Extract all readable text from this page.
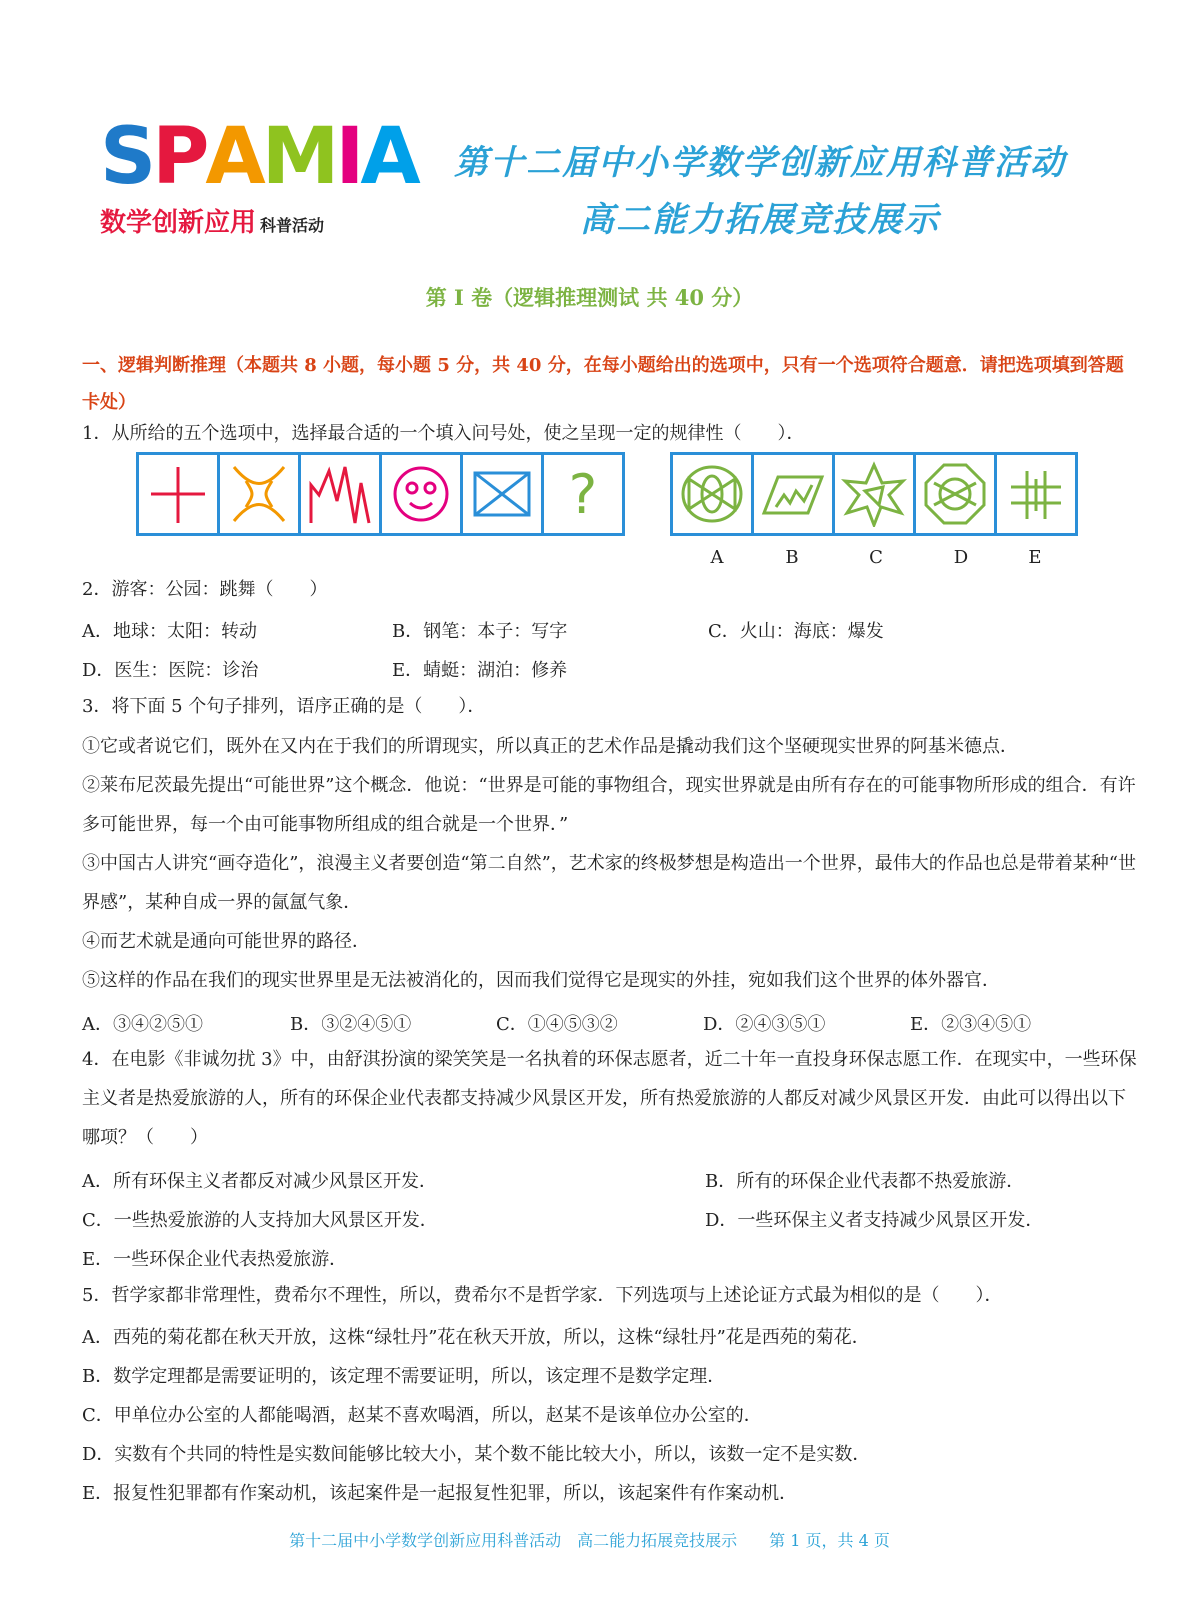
SPAMIA
数学创新应用 科普活动
第十二届中小学数学创新应用科普活动
高二能力拓展竞技展示
第 I 卷（逻辑推理测试 共 40 分）
一、逻辑判断推理（本题共 8 小题，每小题 5 分，共 40 分，在每小题给出的选项中，只有一个选项符合题意．请把选项填到答题卡处）
1．从所给的五个选项中，选择最合适的一个填入问号处，使之呈现一定的规律性（　　）．
?
A	B	C	D	E
2．游客：公园：跳舞（　　）
A．地球：太阳：转动	B．钢笔：本子：写字	C．火山：海底：爆发
D．医生：医院：诊治	E．蜻蜓：湖泊：修养
3．将下面 5 个句子排列，语序正确的是（　　）．
①它或者说它们，既外在又内在于我们的所谓现实，所以真正的艺术作品是撬动我们这个坚硬现实世界的阿基米德点．
②莱布尼茨最先提出“可能世界”这个概念．他说：“世界是可能的事物组合，现实世界就是由所有存在的可能事物所形成的组合．有许多可能世界，每一个由可能事物所组成的组合就是一个世界．”
③中国古人讲究“画夺造化”，浪漫主义者要创造“第二自然”，艺术家的终极梦想是构造出一个世界，最伟大的作品也总是带着某种“世界感”，某种自成一界的氤氲气象．
④而艺术就是通向可能世界的路径．
⑤这样的作品在我们的现实世界里是无法被消化的，因而我们觉得它是现实的外挂，宛如我们这个世界的体外器官．
A．③④②⑤①	B．③②④⑤①	C．①④⑤③②	D．②④③⑤①	E．②③④⑤①
4．在电影《非诚勿扰 3》中，由舒淇扮演的梁笑笑是一名执着的环保志愿者，近二十年一直投身环保志愿工作．在现实中，一些环保主义者是热爱旅游的人，所有的环保企业代表都支持减少风景区开发，所有热爱旅游的人都反对减少风景区开发．由此可以得出以下哪项？（　　）
A．所有环保主义者都反对减少风景区开发．	B．所有的环保企业代表都不热爱旅游．
C．一些热爱旅游的人支持加大风景区开发．	D．一些环保主义者支持减少风景区开发．
E．一些环保企业代表热爱旅游．
5．哲学家都非常理性，费希尔不理性，所以，费希尔不是哲学家．下列选项与上述论证方式最为相似的是（　　）．
A．西苑的菊花都在秋天开放，这株“绿牡丹”花在秋天开放，所以，这株“绿牡丹”花是西苑的菊花．
B．数学定理都是需要证明的，该定理不需要证明，所以，该定理不是数学定理．
C．甲单位办公室的人都能喝酒，赵某不喜欢喝酒，所以，赵某不是该单位办公室的．
D．实数有个共同的特性是实数间能够比较大小，某个数不能比较大小，所以，该数一定不是实数．
E．报复性犯罪都有作案动机，该起案件是一起报复性犯罪，所以，该起案件有作案动机．
第十二届中小学数学创新应用科普活动　高二能力拓展竞技展示　　第 1 页，共 4 页
